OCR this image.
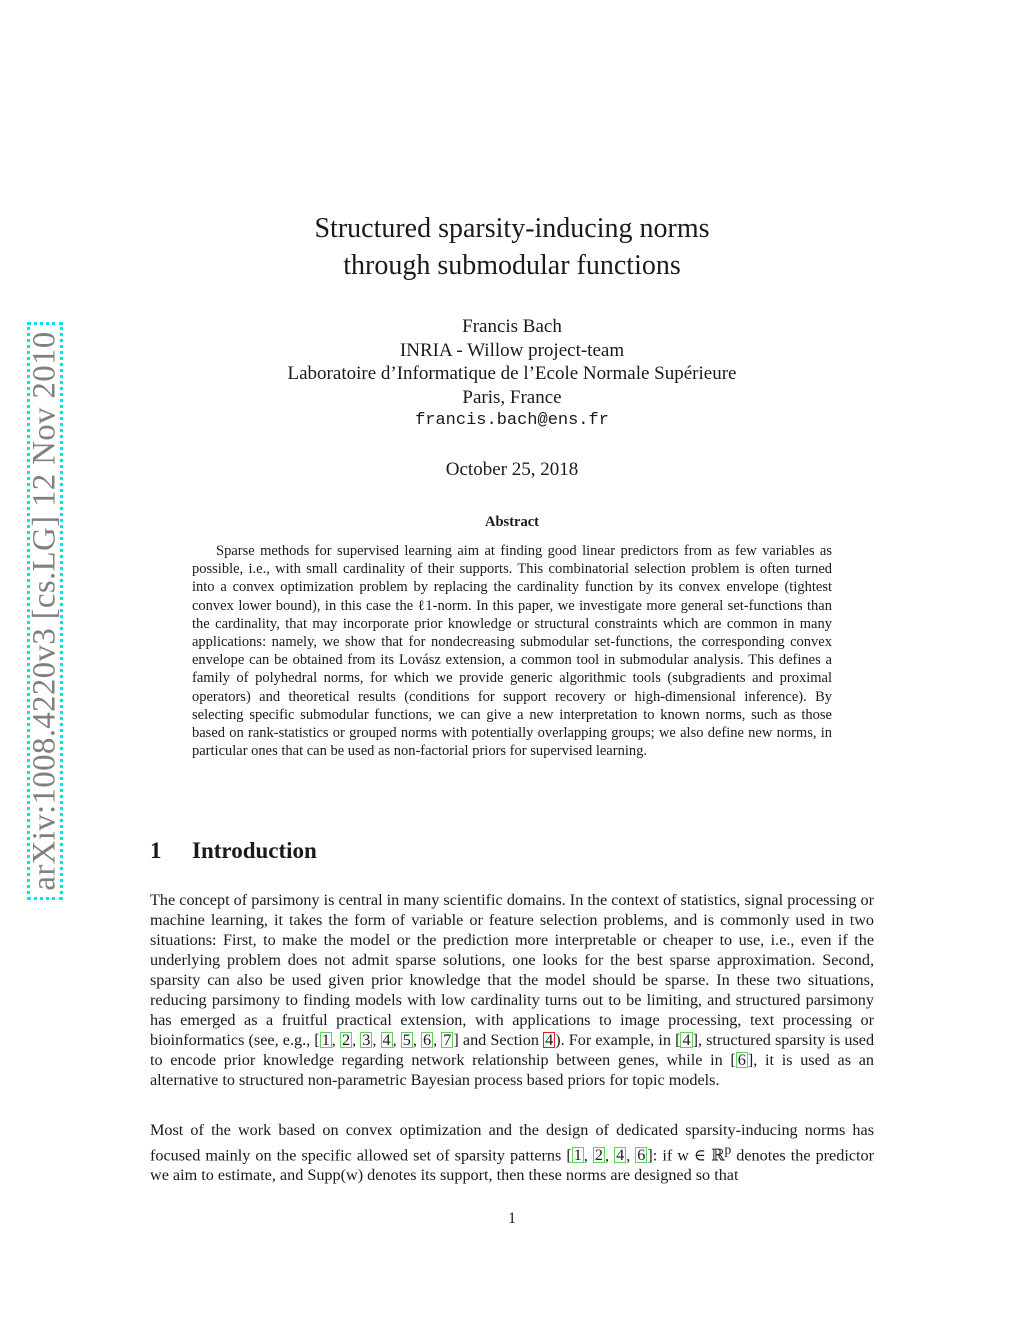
arXiv:1008.4220v3 [cs.LG] 12 Nov 2010
Structured sparsity-inducing norms
through submodular functions
Francis Bach
INRIA - Willow project-team
Laboratoire d’Informatique de l’Ecole Normale Supérieure
Paris, France
francis.bach@ens.fr
October 25, 2018
Abstract
Sparse methods for supervised learning aim at finding good linear predictors from as few variables as possible, i.e., with small cardinality of their supports. This combinatorial selection problem is often turned into a convex optimization problem by replacing the cardinality function by its convex envelope (tightest convex lower bound), in this case the ℓ1-norm. In this paper, we investigate more general set-functions than the cardinality, that may incorporate prior knowledge or structural constraints which are common in many applications: namely, we show that for nondecreasing submodular set-functions, the corresponding convex envelope can be obtained from its Lovász extension, a common tool in submodular analysis. This defines a family of polyhedral norms, for which we provide generic algorithmic tools (subgradients and proximal operators) and theoretical results (conditions for support recovery or high-dimensional inference). By selecting specific submodular functions, we can give a new interpretation to known norms, such as those based on rank-statistics or grouped norms with potentially overlapping groups; we also define new norms, in particular ones that can be used as non-factorial priors for supervised learning.
1 Introduction
The concept of parsimony is central in many scientific domains. In the context of statistics, signal processing or machine learning, it takes the form of variable or feature selection problems, and is commonly used in two situations: First, to make the model or the prediction more interpretable or cheaper to use, i.e., even if the underlying problem does not admit sparse solutions, one looks for the best sparse approximation. Second, sparsity can also be used given prior knowledge that the model should be sparse. In these two situations, reducing parsimony to finding models with low cardinality turns out to be limiting, and structured parsimony has emerged as a fruitful practical extension, with applications to image processing, text processing or bioinformatics (see, e.g., [ 1 , 2 , 3 , 4 , 5 , 6 , 7 ] and Section 4 ). For example, in [ 4 ], structured sparsity is used to encode prior knowledge regarding network relationship between genes, while in [ 6 ], it is used as an alternative to structured non-parametric Bayesian process based priors for topic models.
Most of the work based on convex optimization and the design of dedicated sparsity-inducing norms has focused mainly on the specific allowed set of sparsity patterns [ 1 , 2 , 4 , 6 ]: if w ∈ ℝ$^p$ denotes the predictor we aim to estimate, and Supp(w) denotes its support, then these norms are designed so that
1
